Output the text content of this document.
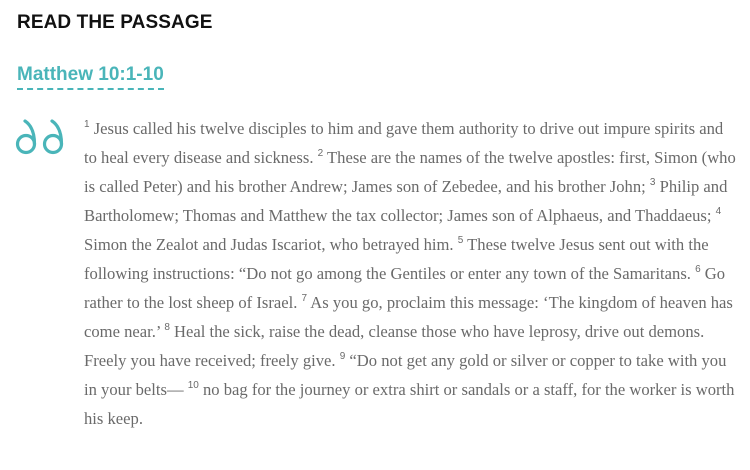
READ THE PASSAGE
Matthew 10:1-10

$^1$ Jesus called his twelve disciples to him and gave them authority to drive out impure spirits and to heal every disease and sickness. $^2$ These are the names of the twelve apostles: first, Simon (who is called Peter) and his brother Andrew; James son of Zebedee, and his brother John; $^3$ Philip and Bartholomew; Thomas and Matthew the tax collector; James son of Alphaeus, and Thaddaeus; $^4$ Simon the Zealot and Judas Iscariot, who betrayed him. $^5$ These twelve Jesus sent out with the following instructions: “Do not go among the Gentiles or enter any town of the Samaritans. $^6$ Go rather to the lost sheep of Israel. $^7$ As you go, proclaim this message: ‘The kingdom of heaven has come near.’ $^8$ Heal the sick, raise the dead, cleanse those who have leprosy, drive out demons. Freely you have received; freely give. $^9$ “Do not get any gold or silver or copper to take with you in your belts— $^{10}$ no bag for the journey or extra shirt or sandals or a staff, for the worker is worth his keep.
